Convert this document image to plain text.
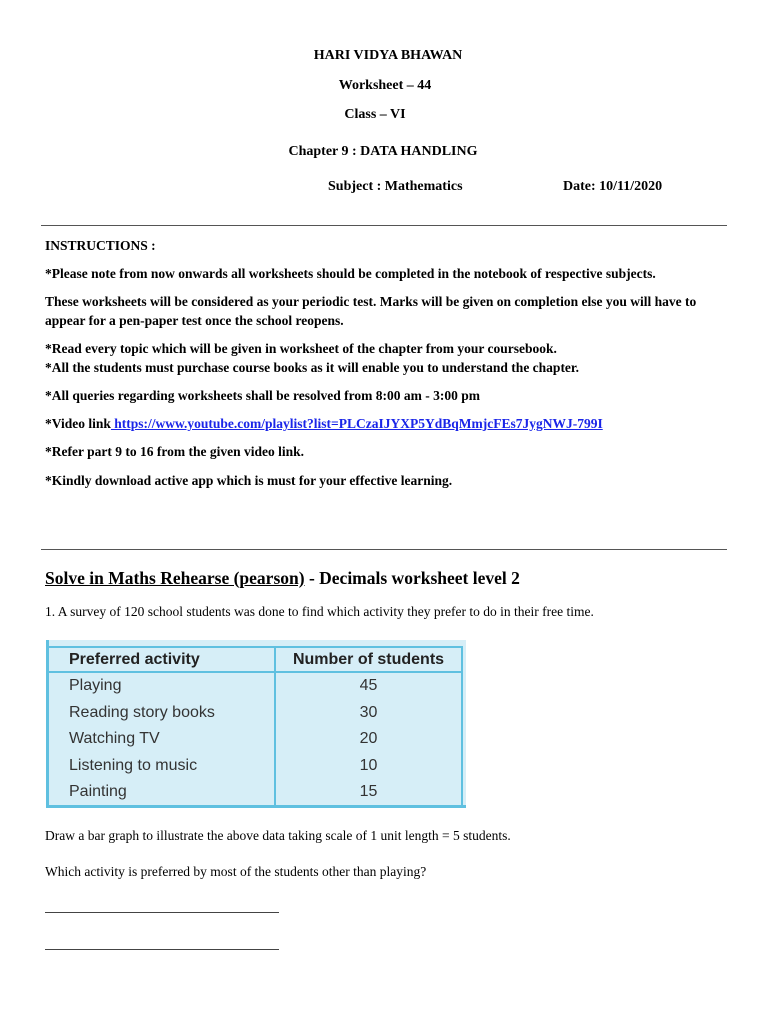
HARI VIDYA BHAWAN
Worksheet – 44
Class – VI
Chapter 9 : DATA HANDLING
Subject : Mathematics	Date: 10/11/2020

INSTRUCTIONS :

*Please note from now onwards all worksheets should be completed in the notebook of respective subjects.

These worksheets will be considered as your periodic test. Marks will be given on completion else you will have to appear for a pen-paper test once the school reopens.

*Read every topic which will be given in worksheet of the chapter from your coursebook.

*All the students must purchase course books as it will enable you to understand the chapter.

*All queries regarding worksheets shall be resolved from 8:00 am - 3:00 pm

*Video link https://www.youtube.com/playlist?list=PLCzaIJYXP5YdBqMmjcFEs7JygNWJ-799I

*Refer part 9 to 16 from the given video link.

*Kindly download active app which is must for your effective learning.

Solve in Maths Rehearse (pearson) - Decimals worksheet level 2

1. A survey of 120 school students was done to find which activity they prefer to do in their free time.

Preferred activity	Number of students
Playing	45
Reading story books	30
Watching TV	20
Listening to music	10
Painting	15

Draw a bar graph to illustrate the above data taking scale of 1 unit length = 5 students.

Which activity is preferred by most of the students other than playing?
